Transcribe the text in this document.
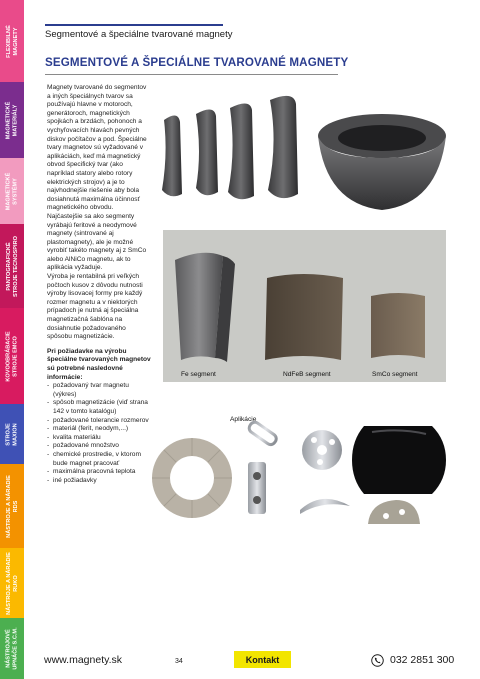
FLEXIBILNÉ
MAGNETY
MAGNETICKÉ
MATERIÁLY
MAGNETICKÉ
SYSTÉMY
PANTOGRAFICKÉ
STROJE TECNOSPIRO
KOVOOBRÁBACIE
STROJE EMCO
STROJE
MAXION
NÁSTROJE A NÁRADIE
RDS
NÁSTROJE A NÁRADIE
RUKO
NÁSTROJOVÉ
UPNÁČE S.C.M.
Segmentové a špeciálne tvarované magnety
SEGMENTOVÉ A ŠPECIÁLNE TVAROVANÉ MAGNETY

Magnety tvarované do segmentov a iných špeciálnych tvarov sa používajú hlavne v motoroch, generátoroch, magnetických spojkách a brzdách, pohonoch a vychyľovacích hlavách pevných diskov počítačov a pod. Špeciálne tvary magnetov sú vyžadované v aplikáciách, keď má magnetický obvod špecifický tvar (ako napríklad statory alebo rotory elektrických strojov) a je to najvhodnejšie riešenie aby bola dosiahnutá maximálna účinnosť magnetického obvodu.

Najčastejšie sa ako segmenty vyrábajú feritové a neodymové magnety (sintrované aj plastomagnety), ale je možné vyrobiť takéto magnety aj z SmCo alebo AlNiCo magnetu, ak to aplikácia vyžaduje.

Výroba je rentabilná pri veľkých počtoch kusov z dôvodu nutnosti výroby lisovacej formy pre každý rozmer magnetu a v niektorých prípadoch je nutná aj špeciálna magnetizačná šablóna na dosiahnutie požadovaného spôsobu magnetizácie.

Pri požiadavke na výrobu špeciálne tvarovaných magnetov sú potrebné nasledovné informácie:

- požadovaný tvar magnetu (výkres)
- spôsob magnetizácie (viď strana 142 v tomto katalógu)
- požadované tolerancie rozmerov
- materiál (ferit, neodym,...)
- kvalita materiálu
- požadované množstvo
- chemické prostredie, v ktorom bude magnet pracovať
- maximálna pracovná teplota
- iné požiadavky
Fe segment	NdFeB segment	SmCo segment
Aplikácie
www.magnety.sk	34	Kontakt	032 2851 300
